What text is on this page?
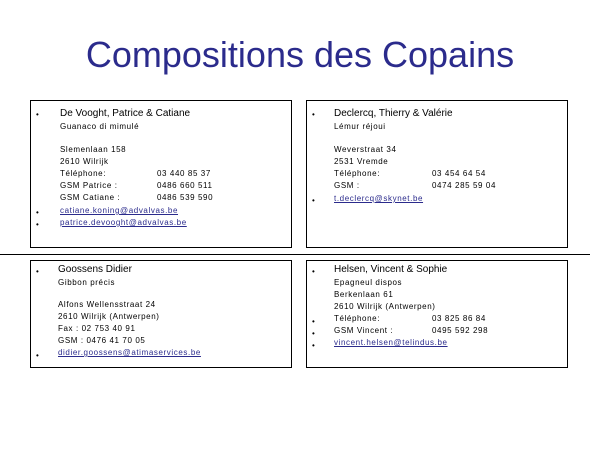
Compositions des Copains
• De Vooght, Patrice & Catiane
Guanaco di mimulé
Slemenlaan 158
2610 Wilrijk
Téléphone:	03 440 85 37
GSM Patrice :	0486 660 511
GSM Catiane :	0486 539 590
•	catiane.koning@advalvas.be
•	patrice.devooght@advalvas.be
• Declercq, Thierry & Valérie
Lémur réjoui
Weverstraat 34
2531 Vremde
Téléphone:	03 454 64 54
GSM :	0474 285 59 04
• t.declercq@skynet.be
• Goossens Didier
Gibbon précis
Alfons Wellensstraat 24
2610 Wilrijk (Antwerpen)
Fax : 02 753 40 91
GSM : 0476 41 70 05
• didier.goossens@atimaservices.be
• Helsen, Vincent & Sophie
Epagneul dispos
Berkenlaan 61
2610 Wilrijk (Antwerpen)
• Téléphone:	03 825 86 84
• GSM Vincent :	0495 592 298
• vincent.helsen@telindus.be
